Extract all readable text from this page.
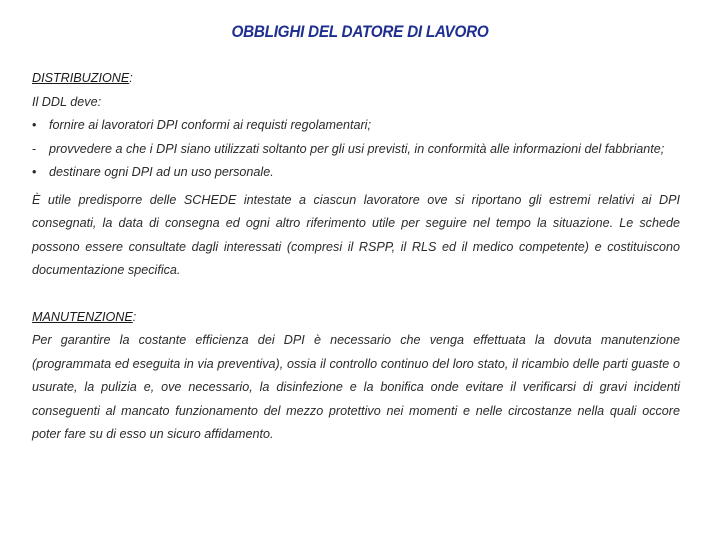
OBBLIGHI DEL DATORE DI LAVORO
DISTRIBUZIONE:
Il DDL deve:
• fornire ai lavoratori DPI conformi ai requisti regolamentari;
- provvedere a che i DPI siano utilizzati soltanto per gli usi previsti, in conformità alle informazioni del fabbriante;
• destinare ogni DPI ad un uso personale.
È utile predisporre delle SCHEDE intestate a ciascun lavoratore ove si riportano gli estremi relativi ai DPI consegnati, la data di consegna ed ogni altro riferimento utile per seguire nel tempo la situazione. Le schede possono essere consultate dagli interessati (compresi il RSPP, il RLS ed il medico competente) e costituiscono documentazione specifica.
MANUTENZIONE:
Per garantire la costante efficienza dei DPI è necessario che venga effettuata la dovuta manutenzione (programmata ed eseguita in via preventiva), ossia il controllo continuo del loro stato, il ricambio delle parti guaste o usurate, la pulizia e, ove necessario, la disinfezione e la bonifica onde evitare il verificarsi di gravi incidenti conseguenti al mancato funzionamento del mezzo protettivo nei momenti e nelle circostanze nella quali occore poter fare su di esso un sicuro affidamento.
